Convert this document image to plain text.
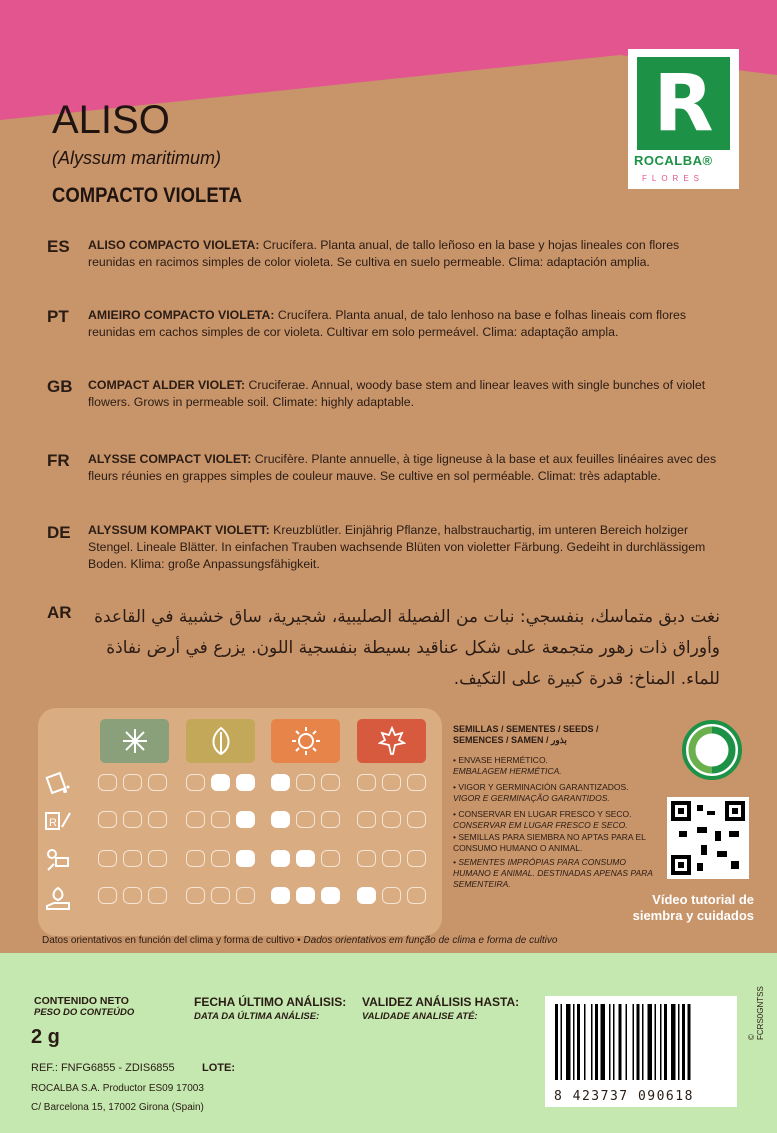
R
ROCALBA®
FLORES
ALISO
(Alyssum maritimum)
COMPACTO VIOLETA
ES ALISO COMPACTO VIOLETA: Crucífera. Planta anual, de tallo leñoso en la base y hojas lineales con flores reunidas en racimos simples de color violeta. Se cultiva en suelo permeable. Clima: adaptación amplia.
PT AMIEIRO COMPACTO VIOLETA: Crucífera. Planta anual, de talo lenhoso na base e folhas lineais com flores reunidas em cachos simples de cor violeta. Cultivar em solo permeável. Clima: adaptação ampla.
GB COMPACT ALDER VIOLET: Cruciferae. Annual, woody base stem and linear leaves with single bunches of violet flowers. Grows in permeable soil. Climate: highly adaptable.
FR ALYSSE COMPACT VIOLET: Crucifère. Plante annuelle, à tige ligneuse à la base et aux feuilles linéaires avec des fleurs réunies en grappes simples de couleur mauve. Se cultive en sol perméable. Climat: très adaptable.
DE ALYSSUM KOMPAKT VIOLETT: Kreuzblütler. Einjährig Pflanze, halbstrauchartig, im unteren Bereich holziger Stengel. Lineale Blätter. In einfachen Trauben wachsende Blüten von violetter Färbung. Gedeiht in durchlässigem Boden. Klima: große Anpassungsfähigkeit.
AR	نغت دبق متماسك، بنفسجي: نبات من الفصيلة الصليبية، شجيرية، ساق خشبية في القاعدة وأوراق ذات زهور متجمعة على شكل عناقيد بسيطة بنفسجية اللون. يزرع في أرض نفاذة للماء. المناخ: قدرة كبيرة على التكيف.
R
SEMILLAS / SEMENTES / SEEDS / SEMENCES / SAMEN / بذور
• ENVASE HERMÉTICO.
EMBALAGEM HERMÉTICA.
• VIGOR Y GERMINACIÓN GARANTIZADOS.
VIGOR E GERMINAÇÃO GARANTIDOS.
• CONSERVAR EN LUGAR FRESCO Y SECO.
CONSERVAR EM LUGAR FRESCO E SECO.
• SEMILLAS PARA SIEMBRA NO APTAS PARA EL CONSUMO HUMANO O ANIMAL.
• SEMENTES IMPRÓPIAS PARA CONSUMO HUMANO E ANIMAL. DESTINADAS APENAS PARA SEMENTEIRA.
Vídeo tutorial de siembra y cuidados
Datos orientativos en función del clima y forma de cultivo • Dados orientativos em função de clima e forma de cultivo
CONTENIDO NETO
PESO DO CONTEÚDO
2 g
FECHA ÚLTIMO ANÁLISIS:
DATA DA ÚLTIMA ANÁLISE:
VALIDEZ ANÁLISIS HASTA:
VALIDADE ANALISE ATÉ:
REF.: FNFG6855 - ZDIS6855 LOTE:
ROCALBA S.A. Productor ES09 17003
C/ Barcelona 15, 17002 Girona (Spain)
8 423737 090618
© FCRS0GNTSS
